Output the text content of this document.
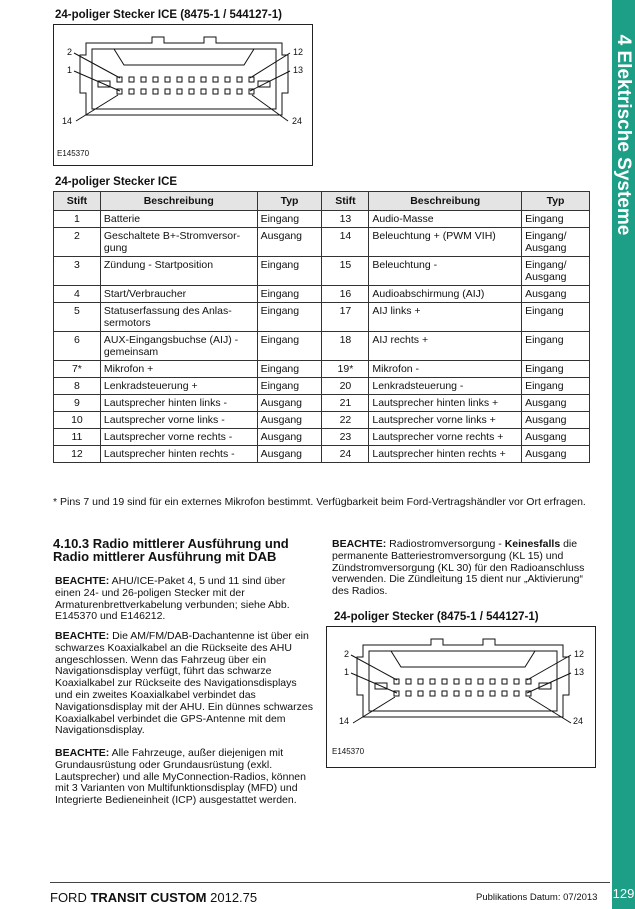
24-poliger Stecker ICE (8475-1 / 544127-1)
2
1
12
13
14	24
E145370
24-poliger Stecker ICE
Stift	Beschreibung	Typ	Stift	Beschreibung	Typ
1	Batterie	Eingang	13	Audio-Masse	Eingang
2	Geschaltete B+-Stromversor-gung	Ausgang	14	Beleuchtung + (PWM VIH)	Eingang/ Ausgang
3	Zündung - Startposition	Eingang	15	Beleuchtung -	Eingang/ Ausgang
4	Start/Verbraucher	Eingang	16	Audioabschirmung (AIJ)	Ausgang
5	Statuserfassung des Anlas-sermotors	Eingang	17	AIJ links +	Eingang
6	AUX-Eingangsbuchse (AIJ) - gemeinsam	Eingang	18	AIJ rechts +	Eingang
7*	Mikrofon +	Eingang	19*	Mikrofon -	Eingang
8	Lenkradsteuerung +	Eingang	20	Lenkradsteuerung -	Eingang
9	Lautsprecher hinten links -	Ausgang	21	Lautsprecher hinten links +	Ausgang
10	Lautsprecher vorne links -	Ausgang	22	Lautsprecher vorne links +	Ausgang
11	Lautsprecher vorne rechts -	Ausgang	23	Lautsprecher vorne rechts +	Ausgang
12	Lautsprecher hinten rechts -	Ausgang	24	Lautsprecher hinten rechts +	Ausgang
* Pins 7 und 19 sind für ein externes Mikrofon bestimmt. Verfügbarkeit beim Ford-Vertragshändler vor Ort erfragen.
4.10.3 Radio mittlerer Ausführung und Radio mittlerer Ausführung mit DAB
BEACHTE: AHU/ICE-Paket 4, 5 und 11 sind über einen 24- und 26-poligen Stecker mit der Armaturenbrettverkabelung verbunden; siehe Abb. E145370 und E146212.
BEACHTE: Die AM/FM/DAB-Dachantenne ist über ein schwarzes Koaxialkabel an die Rückseite des AHU angeschlossen. Wenn das Fahrzeug über ein Navigationsdisplay verfügt, führt das schwarze Koaxialkabel zur Rückseite des Navigationsdisplays und ein zweites Koaxialkabel verbindet das Navigationsdisplay mit der AHU. Ein dünnes schwarzes Koaxialkabel verbindet die GPS-Antenne mit dem Navigationsdisplay.
BEACHTE: Alle Fahrzeuge, außer diejenigen mit Grundausrüstung oder Grundausrüstung (exkl. Lautsprecher) und alle MyConnection-Radios, können mit 3 Varianten von Multifunktionsdisplay (MFD) und Integrierte Bedieneinheit (ICP) ausgestattet werden.
BEACHTE: Radiostromversorgung - Keinesfalls die permanente Batteriestromversorgung (KL 15) und Zündstromversorgung (KL 30) für den Radioanschluss verwenden. Die Zündleitung 15 dient nur „Aktivierung“ des Radios.
24-poliger Stecker (8475-1 / 544127-1)
2
1
12
13
14	24
E145370
4 Elektrische Systeme
FORD TRANSIT CUSTOM 2012.75	Publikations Datum: 07/2013 129
